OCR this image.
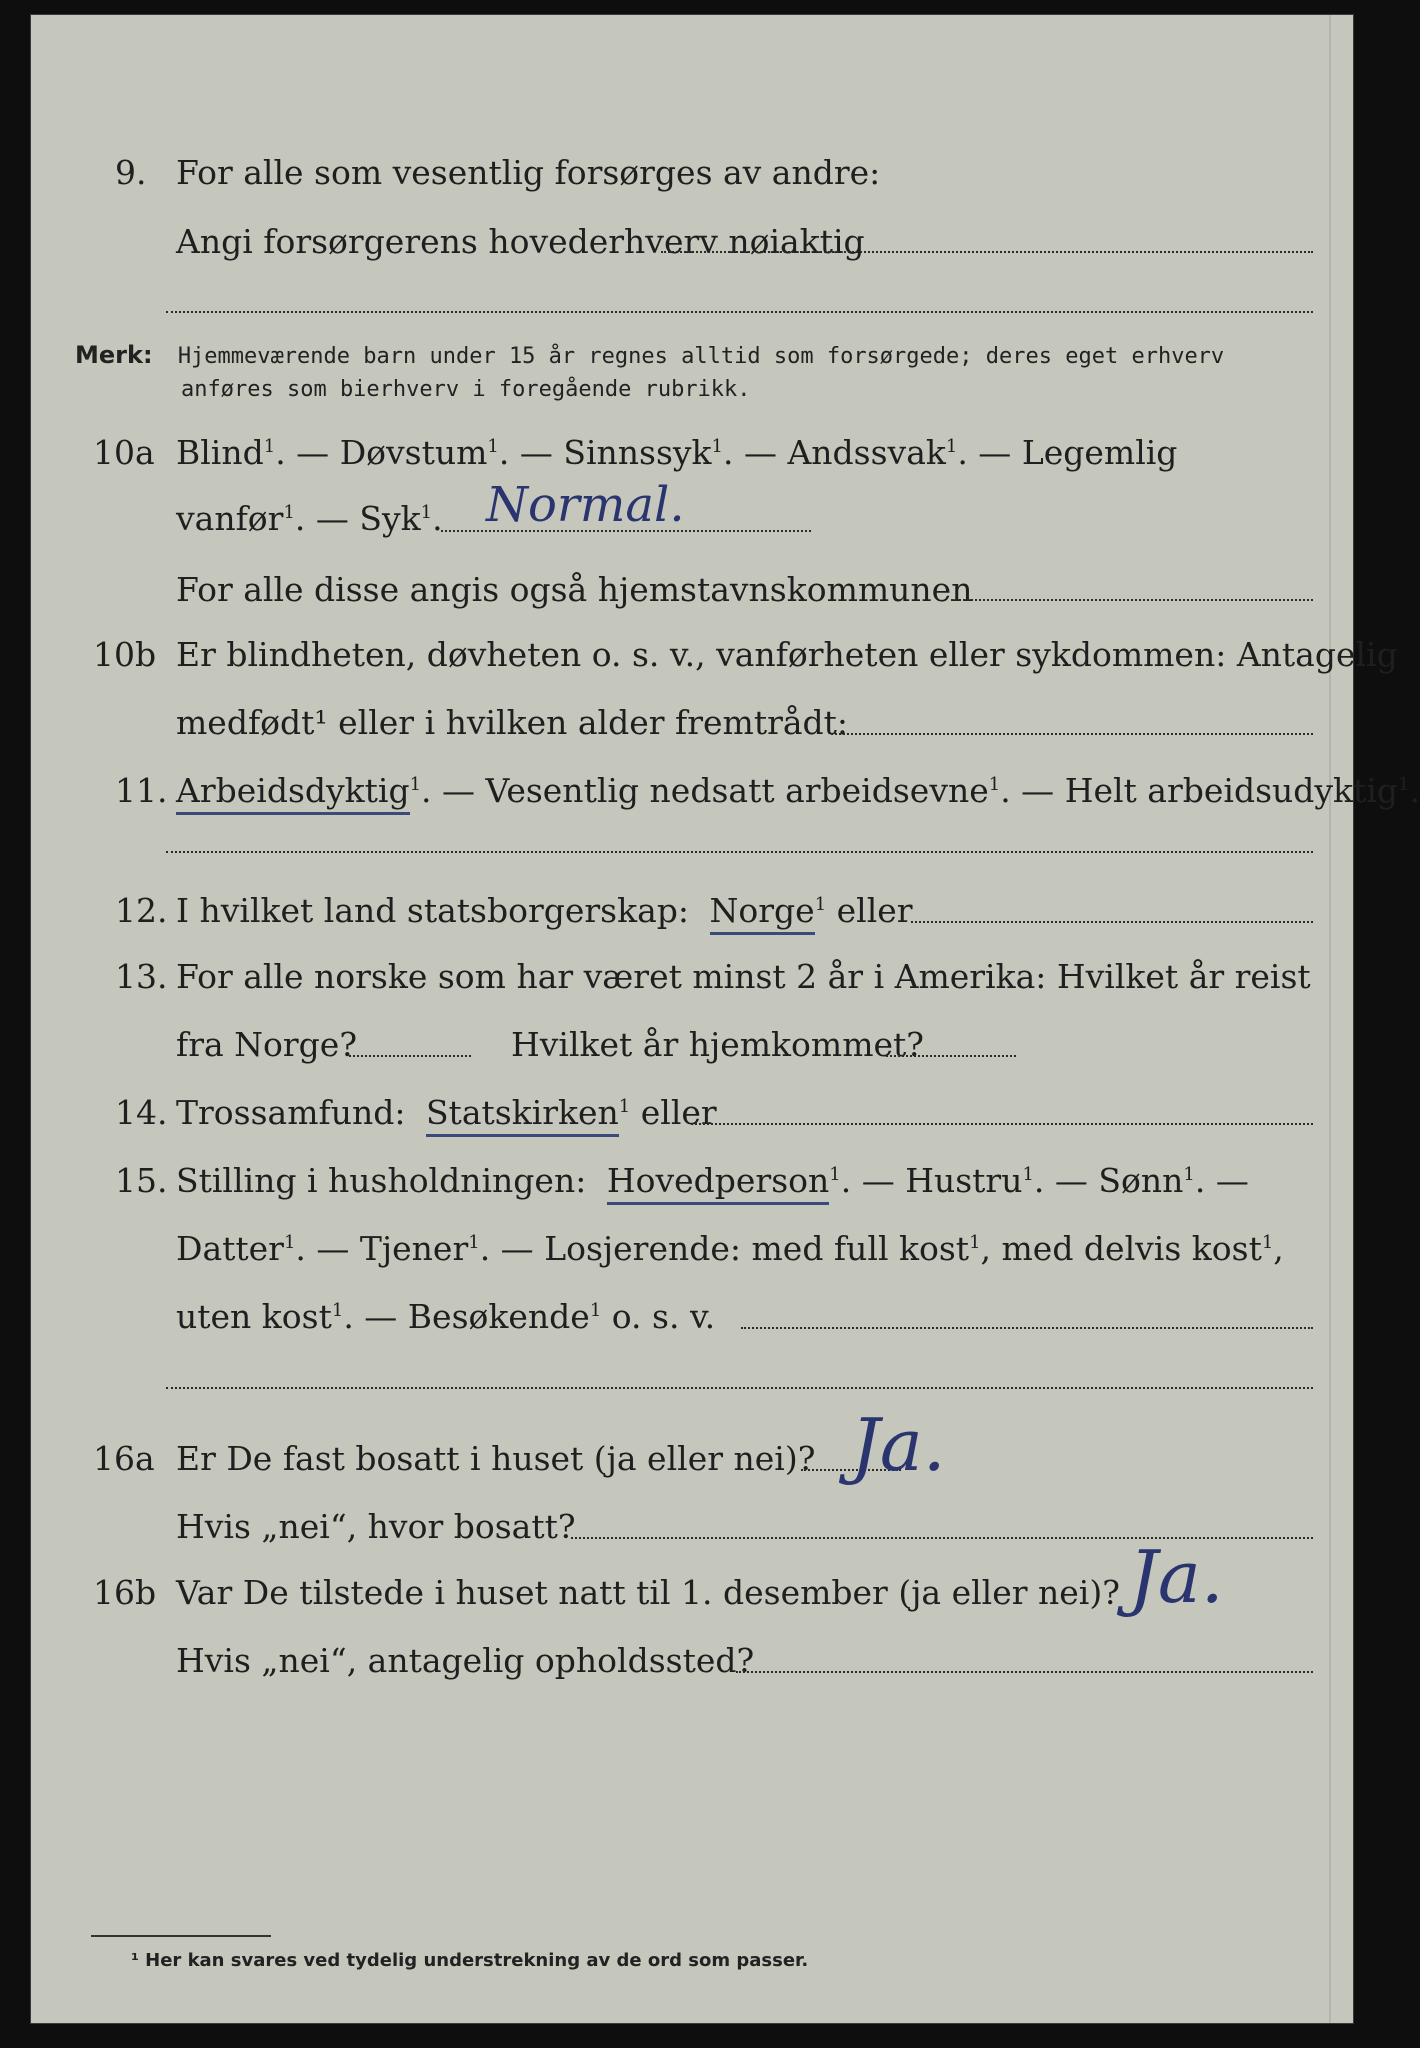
9. For alle som vesentlig forsørges av andre:
Angi forsørgerens hovederhverv nøiaktig
Merk: Hjemmeværende barn under 15 år regnes alltid som forsørgede; deres eget erhverv
anføres som bierhverv i foregående rubrikk.
10a Blind$^1$. — Døvstum$^1$. — Sinnssyk$^1$. — Andssvak$^1$. — Legemlig
vanfør$^1$. — Syk$^1$. Normal.
For alle disse angis også hjemstavnskommunen
10b Er blindheten, døvheten o. s. v., vanførheten eller sykdommen: Antagelig
medfødt¹ eller i hvilken alder fremtrådt:
11. Arbeidsdyktig$^1$. — Vesentlig nedsatt arbeidsevne$^1$. — Helt arbeidsudyktig$^1$.
12. I hvilket land statsborgerskap: Norge$^1$ eller
13. For alle norske som har været minst 2 år i Amerika: Hvilket år reist
fra Norge?	Hvilket år hjemkommet?
14. Trossamfund: Statskirken$^1$ eller
15. Stilling i husholdningen: Hovedperson$^1$. — Hustru$^1$. — Sønn$^1$. —
Datter$^1$. — Tjener$^1$. — Losjerende: med full kost$^1$, med delvis kost$^1$,
uten kost$^1$. — Besøkende$^1$ o. s. v.
16a Er De fast bosatt i huset (ja eller nei)? Ja.
Hvis „nei“, hvor bosatt?
16b Var De tilstede i huset natt til 1. desember (ja eller nei)? Ja.
Hvis „nei“, antagelig opholdssted?
¹ Her kan svares ved tydelig understrekning av de ord som passer.
